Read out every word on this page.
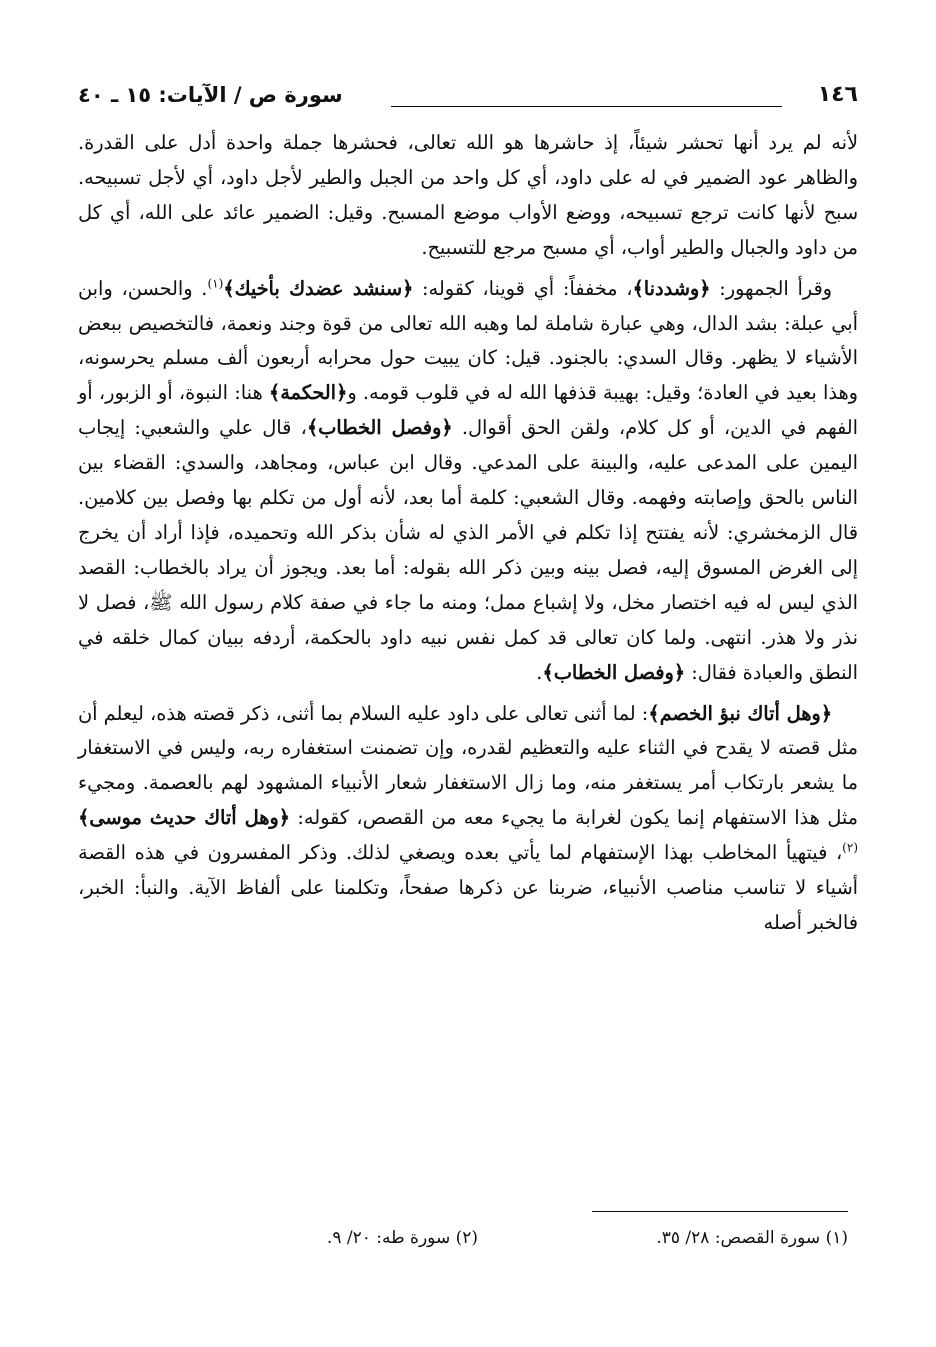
١٤٦
سورة ص / الآيات: ١٥ ـ ٤٠

لأنه لم يرد أنها تحشر شيئاً، إذ حاشرها هو الله تعالى، فحشرها جملة واحدة أدل على القدرة. والظاهر عود الضمير في له على داود، أي كل واحد من الجبل والطير لأجل داود، أي لأجل تسبيحه. سبح لأنها كانت ترجع تسبيحه، ووضع الأواب موضع المسبح. وقيل: الضمير عائد على الله، أي كل من داود والجبال والطير أواب، أي مسبح مرجع للتسبيح.

وقرأ الجمهور: ﴿وشددنا﴾، مخففاً: أي قوينا، كقوله: ﴿سنشد عضدك بأخيك﴾$^{(١)}$. والحسن، وابن أبي عبلة: بشد الدال، وهي عبارة شاملة لما وهبه الله تعالى من قوة وجند ونعمة، فالتخصيص ببعض الأشياء لا يظهر. وقال السدي: بالجنود. قيل: كان يبيت حول محرابه أربعون ألف مسلم يحرسونه، وهذا بعيد في العادة؛ وقيل: بهيبة قذفها الله له في قلوب قومه. و﴿الحكمة﴾ هنا: النبوة، أو الزبور، أو الفهم في الدين، أو كل كلام، ولقن الحق أقوال. ﴿وفصل الخطاب﴾، قال علي والشعبي: إيجاب اليمين على المدعى عليه، والبينة على المدعي. وقال ابن عباس، ومجاهد، والسدي: القضاء بين الناس بالحق وإصابته وفهمه. وقال الشعبي: كلمة أما بعد، لأنه أول من تكلم بها وفصل بين كلامين. قال الزمخشري: لأنه يفتتح إذا تكلم في الأمر الذي له شأن بذكر الله وتحميده، فإذا أراد أن يخرج إلى الغرض المسوق إليه، فصل بينه وبين ذكر الله بقوله: أما بعد. ويجوز أن يراد بالخطاب: القصد الذي ليس له فيه اختصار مخل، ولا إشباع ممل؛ ومنه ما جاء في صفة كلام رسول الله ﷺ، فصل لا نذر ولا هذر. انتهى. ولما كان تعالى قد كمل نفس نبيه داود بالحكمة، أردفه ببيان كمال خلقه في النطق والعبادة فقال: ﴿وفصل الخطاب﴾.

﴿وهل أتاك نبؤ الخصم﴾: لما أثنى تعالى على داود عليه السلام بما أثنى، ذكر قصته هذه، ليعلم أن مثل قصته لا يقدح في الثناء عليه والتعظيم لقدره، وإن تضمنت استغفاره ربه، وليس في الاستغفار ما يشعر بارتكاب أمر يستغفر منه، وما زال الاستغفار شعار الأنبياء المشهود لهم بالعصمة. ومجيء مثل هذا الاستفهام إنما يكون لغرابة ما يجيء معه من القصص، كقوله: ﴿وهل أتاك حديث موسى﴾$^{(٢)}$، فيتهيأ المخاطب بهذا الإستفهام لما يأتي بعده ويصغي لذلك. وذكر المفسرون في هذه القصة أشياء لا تناسب مناصب الأنبياء، ضربنا عن ذكرها صفحاً، وتكلمنا على ألفاظ الآية. والنبأ: الخبر، فالخبر أصله

(١) سورة القصص: ٢٨/ ٣٥.
(٢) سورة طه: ٢٠/ ٩.
